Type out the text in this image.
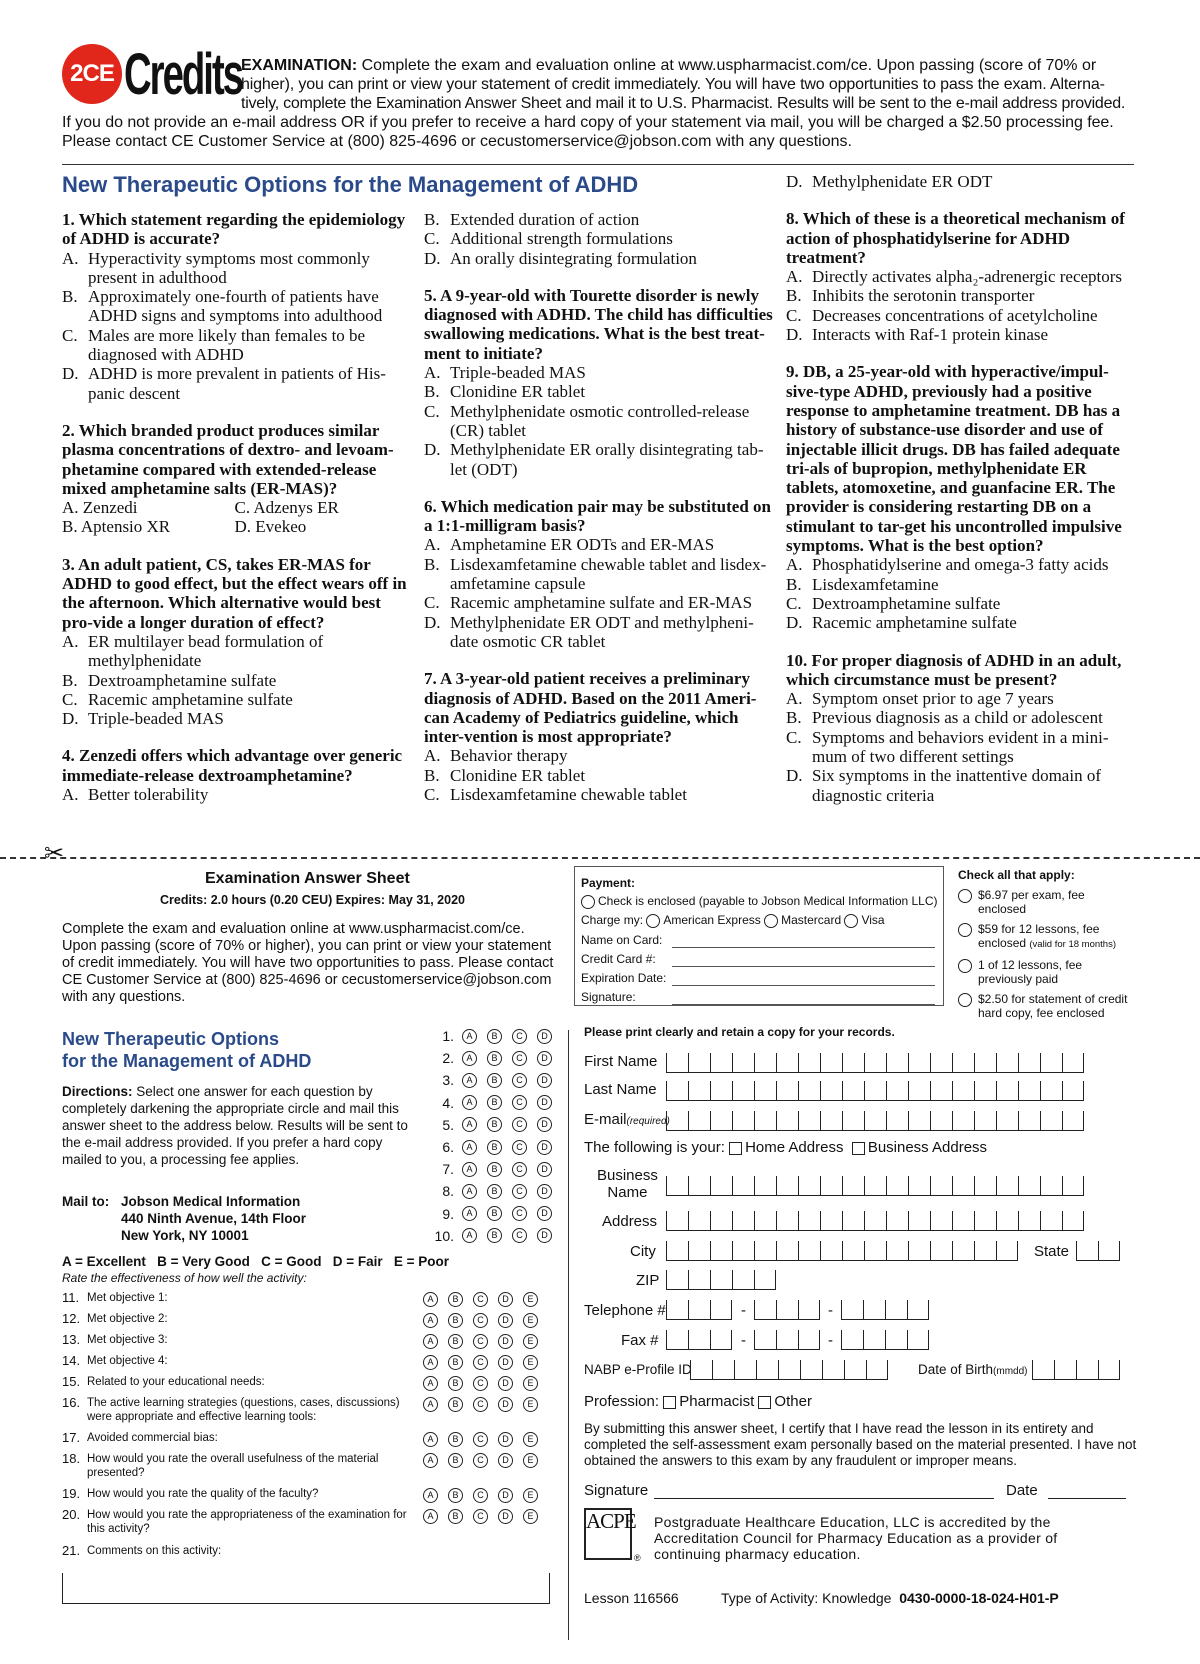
2CE Credits
EXAMINATION: Complete the exam and evaluation online at www.uspharmacist.com/ce. Upon passing (score of 70% or
higher), you can print or view your statement of credit immediately. You will have two opportunities to pass the exam. Alterna-
tively, complete the Examination Answer Sheet and mail it to U.S. Pharmacist. Results will be sent to the e-mail address provided.
If you do not provide an e-mail address OR if you prefer to receive a hard copy of your statement via mail, you will be charged a $2.50 processing fee.
Please contact CE Customer Service at (800) 825-4696 or cecustomerservice@jobson.com with any questions.
New Therapeutic Options for the Management of ADHD
1. Which statement regarding the epidemiology of ADHD is accurate?
A. Hyperactivity symptoms most commonly present in adulthood
B. Approximately one-fourth of patients have ADHD signs and symptoms into adulthood
C. Males are more likely than females to be diagnosed with ADHD
D. ADHD is more prevalent in patients of His-panic descent
2. Which branded product produces similar plasma concentrations of dextro- and levoam-phetamine compared with extended-release mixed amphetamine salts (ER-MAS)?
A. Zenzedi	C. Adzenys ER
B. Aptensio XR	D. Evekeo
3. An adult patient, CS, takes ER-MAS for ADHD to good effect, but the effect wears off in the afternoon. Which alternative would best pro-vide a longer duration of effect?
A. ER multilayer bead formulation of methylphenidate
B. Dextroamphetamine sulfate
C. Racemic amphetamine sulfate
D. Triple-beaded MAS
4. Zenzedi offers which advantage over generic immediate-release dextroamphetamine?
A. Better tolerability
B. Extended duration of action
C. Additional strength formulations
D. An orally disintegrating formulation
5. A 9-year-old with Tourette disorder is newly diagnosed with ADHD. The child has difficulties swallowing medications. What is the best treat-ment to initiate?
A. Triple-beaded MAS
B. Clonidine ER tablet
C. Methylphenidate osmotic controlled-release (CR) tablet
D. Methylphenidate ER orally disintegrating tab-let (ODT)
6. Which medication pair may be substituted on a 1:1-milligram basis?
A. Amphetamine ER ODTs and ER-MAS
B. Lisdexamfetamine chewable tablet and lisdex-amfetamine capsule
C. Racemic amphetamine sulfate and ER-MAS
D. Methylphenidate ER ODT and methylpheni-date osmotic CR tablet
7. A 3-year-old patient receives a preliminary diagnosis of ADHD. Based on the 2011 Ameri-can Academy of Pediatrics guideline, which inter-vention is most appropriate?
A. Behavior therapy
B. Clonidine ER tablet
C. Lisdexamfetamine chewable tablet
D. Methylphenidate ER ODT
8. Which of these is a theoretical mechanism of action of phosphatidylserine for ADHD treatment?
A. Directly activates alpha₂-adrenergic receptors
B. Inhibits the serotonin transporter
C. Decreases concentrations of acetylcholine
D. Interacts with Raf-1 protein kinase
9. DB, a 25-year-old with hyperactive/impul-sive-type ADHD, previously had a positive response to amphetamine treatment. DB has a history of substance-use disorder and use of injectable illicit drugs. DB has failed adequate tri-als of bupropion, methylphenidate ER tablets, atomoxetine, and guanfacine ER. The provider is considering restarting DB on a stimulant to tar-get his uncontrolled impulsive symptoms. What is the best option?
A. Phosphatidylserine and omega-3 fatty acids
B. Lisdexamfetamine
C. Dextroamphetamine sulfate
D. Racemic amphetamine sulfate
10. For proper diagnosis of ADHD in an adult, which circumstance must be present?
A. Symptom onset prior to age 7 years
B. Previous diagnosis as a child or adolescent
C. Symptoms and behaviors evident in a mini-mum of two different settings
D. Six symptoms in the inattentive domain of diagnostic criteria
✂
Examination Answer Sheet
Credits: 2.0 hours (0.20 CEU) Expires: May 31, 2020
Complete the exam and evaluation online at www.uspharmacist.com/ce. Upon passing (score of 70% or higher), you can print or view your statement of credit immediately. You will have two opportunities to pass. Please contact CE Customer Service at (800) 825-4696 or cecustomerservice@jobson.com with any questions.
New Therapeutic Options
for the Management of ADHD
Directions: Select one answer for each question by completely darkening the appropriate circle and mail this answer sheet to the address below. Results will be sent to the e-mail address provided. If you prefer a hard copy mailed to you, a processing fee applies.
Mail to: Jobson Medical Information
440 Ninth Avenue, 14th Floor
New York, NY 10001
1.	A	B	C	D
2.	A	B	C	D
3.	A	B	C	D
4.	A	B	C	D
5.	A	B	C	D
6.	A	B	C	D
7.	A	B	C	D
8.	A	B	C	D
9.	A	B	C	D
10.	A	B	C	D
A = Excellent   B = Very Good   C = Good   D = Fair   E = Poor
Rate the effectiveness of how well the activity:
11. Met objective 1:	A B C D E
12. Met objective 2:	A B C D E
13. Met objective 3:	A B C D E
14. Met objective 4:	A B C D E
15. Related to your educational needs:	A B C D E
16. The active learning strategies (questions, cases, discussions) were appropriate and effective learning tools:
A B C D E
17. Avoided commercial bias:	A B C D E
18. How would you rate the overall usefulness of the material presented?
A B C D E
19. How would you rate the quality of the faculty?	A B C D E
20. How would you rate the appropriateness of the examination for this activity?
A B C D E
21. Comments on this activity:
Payment:
Check is enclosed (payable to Jobson Medical Information LLC)
Charge my: American Express Mastercard Visa
Name on Card:
Credit Card #:
Expiration Date:
Signature:
Check all that apply:
$6.97 per exam, fee enclosed
$59 for 12 lessons, fee enclosed (valid for 18 months)
1 of 12 lessons, fee previously paid
$2.50 for statement of credit hard copy, fee enclosed
Please print clearly and retain a copy for your records.
First Name
Last Name
E-mail(required)
The following is your: Home Address Business Address
Business
Name
Address
City	State
ZIP
Telephone #	-	-
Fax #	-	-
NABP e-Profile ID	Date of Birth(mmdd)
Profession: Pharmacist Other
By submitting this answer sheet, I certify that I have read the lesson in its entirety and completed the self-assessment exam personally based on the material presented. I have not obtained the answers to this exam by any fraudulent or improper means.
Signature	Date
ACPE
®
Postgraduate Healthcare Education, LLC is accredited by the Accreditation Council for Pharmacy Education as a provider of continuing pharmacy education.
Lesson 116566	Type of Activity: Knowledge 0430-0000-18-024-H01-P
